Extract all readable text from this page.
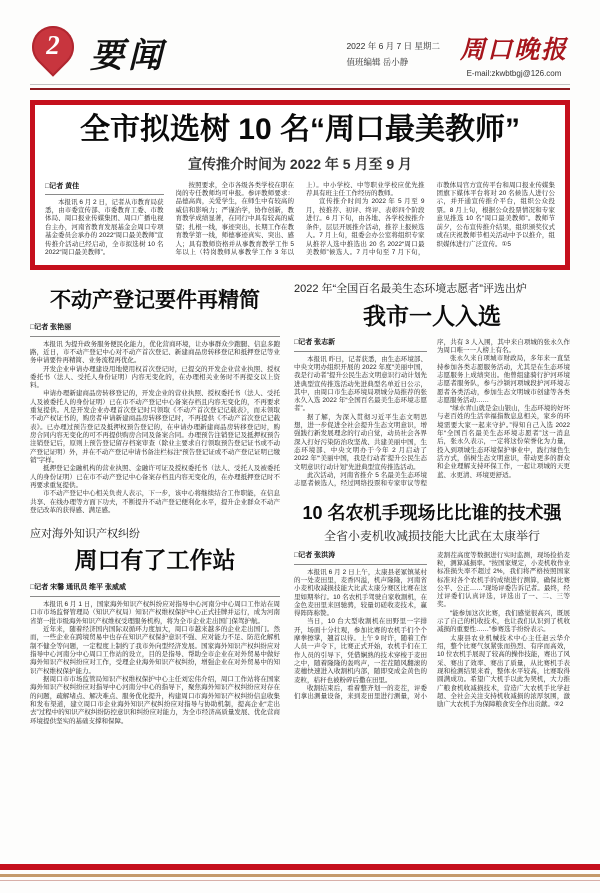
2 要闻	2022 年 6 月 7 日 星期二
值班编辑 岳小静	周口晚报
E-mail:zkwbtbgj@126.com
全市拟选树 10 名“周口最美教师”
宣传推介时间为 2022 年 5 月至 9 月
□记者 黄佳

本报讯 6 月 2 日，记者从市教育局获悉，由市委宣传部、市委教育工委、市教体局、周口报业传媒集团、周口广播电视台主办，河南省教育发展基金会周口专项基金委员会承办的 2022“周口最美教师”宣传推介活动已经启动，全市拟选树 10 名 2022“周口最美教师”。

按照要求，全市各级各类学校在职在岗的专任教师均可申报。参评教师要求：品德高尚，关爱学生，在师生中有较高的威信和影响力；严谨治学，协作创新，教育教学成绩显著，在同行中具有较高的威望；扎根一线，事迹突出，长期工作在教育教学第一线，师德事迹真实、突出、感人；具有教师资格并从事教育教学工作 5 年以上（特岗教师从事教学工作 3 年以上）。中小学校、中等职业学校应优先推荐具有班主任工作经历的教师。

宣传推介时间为 2022 年 5 月至 9 月，按推荐、初评、终评、表彰四个阶段进行。6 月下旬，由各地、各学校按推介条件，层层开展推介活动，推荐上报候选人。7 月上旬，组委会办公室将组织专家从推荐人选中推选出 20 名 2022“周口最美教师”候选人。7 月中旬至 7 月下旬，市教体局官方宣传平台和周口报业传媒集团旗下媒体平台将对 20 名候选人进行公示，并开通宣传推介平台，组织公众投票。8 月上旬，根据公众投票情况和专家意见推选 10 名“周口最美教师”。教师节前夕，公布宣传推介结果，组织颁奖仪式或在庆祝教师节相关活动中予以推介，组织媒体进行广泛宣传。①5

不动产登记要件再精简
□记者 张艳丽

本报讯 为提升政务服务便民化能力，优化营商环境，让办事群众少跑腿、信息多跑路，近日，市不动产登记中心对不动产首次登记、新建商品房转移登记和抵押登记等业务申请要件再精简、业务流程再优化。

开发企业申请办理建设用地使用权首次登记时，已提交的开发企业营业执照、授权委托书（法人、受托人身份证明）内容无变化的，在办理相关业务时不再提交以上资料。

申请办理新建商品房转移登记的，开发企业的营业执照、授权委托书（法人、受托人及被委托人的身份证明）已在市不动产登记中心备案存档且内容无变化的，不再要求重复提供。凡是开发企业办理首次登记时只领取《不动产首次登记记载表》，而未领取不动产权证书的，购房者申请新建商品房转移登记时，不再提供《不动产首次登记记载表》。已办理过预告登记及抵押权预告登记的，在申请办理新建商品房转移登记时，购房合同内容无变化的可不再提供购房合同及备案合同。办理预告注销登记及抵押权预告注销登记后，原则上预告登记留存档案审查（除业主要求自行领取预告登记证书或不动产登记证明）外，并在不动产登记申请书备注栏标注“预告登记证或不动产登记证明已缴销”字样。

抵押登记金融机构的营业执照、金融许可证及授权委托书（法人、受托人及被委托人的身份证明）已在市不动产登记中心备案存档且内容无变化的，在办理抵押登记时不再要求重复提供。

市不动产登记中心相关负责人表示，下一步，该中心将继续结合工作职能，在信息共享、在线办理等方面下功夫，不断提升不动产登记便利化水平，提升企业群众不动产登记改革的获得感、满足感。

应对海外知识产权纠纷
周口有了工作站
□记者 宋馨 通讯员 维平 张威威

本报讯 6 月 1 日，国家海外知识产权纠纷应对指导中心河南分中心周口工作站在周口市市场监督管理局（知识产权局）知识产权维权保护中心正式挂牌并运行，成为河南省第一批市级海外知识产权维权受理服务机构，将为全市企业走出国门保驾护航。

近年来，随着经济国内国际双循环力度加大，周口市越来越多的企业走出国门。然而，一些企业在跨境贸易中也存在知识产权保护意识不强、应对能力不足、防范化解机制不健全等问题，一定程度上制约了我市外向型经济发展。国家海外知识产权纠纷应对指导中心河南分中心周口工作站的设立，目的是指导、帮助全市企业在对外贸易中做好海外知识产权纠纷应对工作，受理企业海外知识产权纠纷，增强企业在对外贸易中的知识产权维权保护能力。

据周口市市场监管局知识产权维权保护中心主任刘宏伟介绍，周口工作站将在国家海外知识产权纠纷应对指导中心河南分中心的指导下，聚焦海外知识产权纠纷应对存在的问题，疏解堵点、解决难点、服务优化提升，构建周口市海外知识产权纠纷信息收集和发布渠道，建立周口市企业海外知识产权纠纷应对指导与协助机制，提高企业“走出去”过程中的知识产权纠纷防控意识和纠纷应对能力，为全市经济高质量发展、优化营商环境提供坚实的基础支撑和保障。

2022 年“全国百名最美生态环境志愿者”评选出炉
我市一人入选
□记者 张志新

本报讯 昨日，记者获悉，由生态环境部、中央文明办组织开展的 2022 年度“美丽中国，我是行动者”提升公民生态文明意识行动计划先进典型宣传推选活动先进典型名单近日公示，其中，由周口市生态环境局项城分局推荐的张永久入选 2022 年“全国百名最美生态环境志愿者”。

据了解，为深入贯彻习近平生态文明思想，进一步促进全社会提升生态文明意识，增强践行新发展理念的行动自觉，动员社会各界深入打好污染防治攻坚战、共建美丽中国，生态环境部、中央文明办于今年 2 月启动了 2022 年“‘美丽中国，我是行动者’提升公民生态文明意识行动计划”先进典型宣传推选活动。

此次活动，河南省推介 5 名最美生态环境志愿者候选人，经过网络投票和专家审议等程序，共有 3 人入围，其中来自项城的张永久作为周口唯一一人榜上有名。

张永久来自项城市财政局，多年来一直坚持参加各类志愿服务活动，尤其是在生态环境志愿服务上成绩突出。他曾组建骑行护河环境志愿者服务队，参与沙颍河项城段护河环境志愿者各类活动，参加生态文明城市创建等各类志愿服务活动……

“绿水青山就是金山银山，生态环境的好坏与老百姓的生活幸福指数息息相关，家乡的环境需要大家一起来守护。”得知自己入选 2022 年“全国百名最美生态环境志愿者”这一消息后，张永久表示，一定将这份荣誉化为力量，投入到项城生态环境保护事业中，践行绿色生活方式，倡树生态文明意识，带动更多的群众和企业理解支持环保工作，一起让项城的天更蓝、水更清、环境更舒适。

10 名农机手现场比比谁的技术强
全省小麦机收减损技能大比武在太康举行
□记者 张洪涛

本报讯 6 月 2 日上午，太康县老冢镇某村的一处麦田里，麦香四溢，机声隆隆，河南省小麦机收减损技能大比武太康分赛区比赛在这里如期举行。10 名农机手驾驶自家收割机，在金色麦田里来回驰骋，较量切磋收麦技术，赢得阵阵称赞。

当日，10 台大型收割机在田野里一字排开，场面十分壮观，参加比赛的农机手们个个摩拳擦掌，翘首以待。上午 9 时许，随着工作人员一声令下，比赛正式开始，农机手们在工作人员的引导下，凭借娴熟的技术穿梭于麦田之中，随着隆隆的轰鸣声，一茬茬随风翻滚的麦穗快速进入收割机内部，随即变成金黄色的麦粒，秸秆也被粉碎后撒在田里。

收割结束后，看着整齐划一的麦茬，评委们拿出测量设备，来到麦田里进行测量，对小麦割茬高度等数据进行实时监测，现场捡拾麦粒，测算减损率。“按国家规定，小麦机收作业标准损失率不超过 2%，我们将严格按照国家标准对各个农机手的成绩进行测算，确保比赛公平、公正……”现场评委告诉记者。最终，经过评委们认真评选，评选出了一、二、三等奖。

“能参加这次比赛，我们感觉很高兴，既展示了自己的机收技术，也让我们认识到了机收减损的重要性……”参赛选手纷纷表示。

太康县农业机械技术中心主任赵云华介绍，整个比赛气氛紧张而热烈、有序而高效，10 位农机手展现了较高的操作技能，赛出了风采、赛出了效率、赛出了质量，从比赛机手表现和检测结果来看，整体水平较高，比赛取得圆满成功。希望广大机手以此为契机，大力推广粮食机收减损技术，营造广大农机手比学赶超、全社会关注支持机收减损的浓厚氛围，激励广大农机手为保障粮食安全作出贡献。②2
